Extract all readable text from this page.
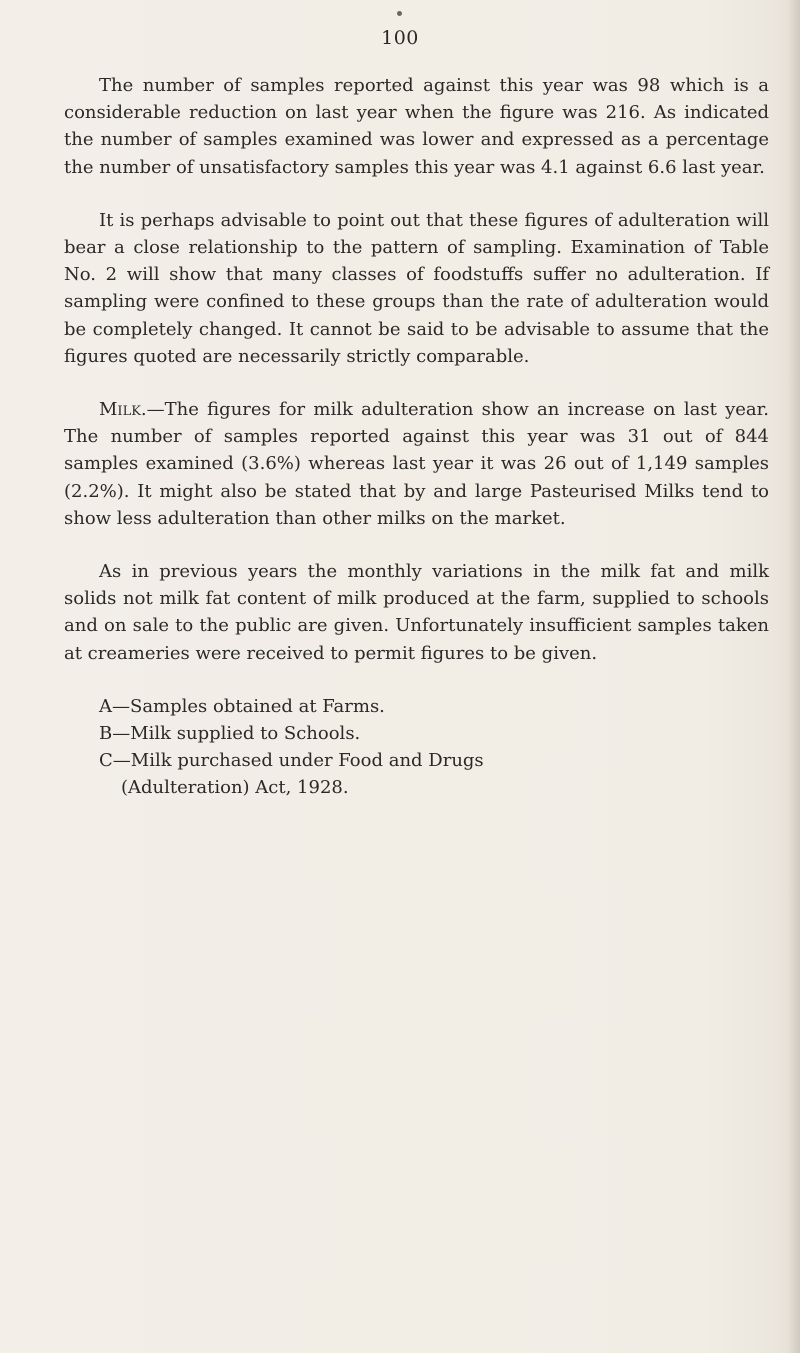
100

The number of samples reported against this year was 98 which is a considerable reduction on last year when the figure was 216. As indicated the number of samples examined was lower and expressed as a percentage the number of unsatisfactory samples this year was 4.1 against 6.6 last year.

It is perhaps advisable to point out that these figures of adulteration will bear a close relationship to the pattern of sampling. Examination of Table No. 2 will show that many classes of foodstuffs suffer no adulteration. If sampling were confined to these groups than the rate of adulteration would be completely changed. It cannot be said to be advisable to assume that the figures quoted are necessarily strictly comparable.

Milk.—The figures for milk adulteration show an increase on last year. The number of samples reported against this year was 31 out of 844 samples examined (3.6%) whereas last year it was 26 out of 1,149 samples (2.2%). It might also be stated that by and large Pasteurised Milks tend to show less adulteration than other milks on the market.

As in previous years the monthly variations in the milk fat and milk solids not milk fat content of milk produced at the farm, supplied to schools and on sale to the public are given. Unfortunately insufficient samples taken at creameries were received to permit figures to be given.

A—Samples obtained at Farms.
B—Milk supplied to Schools.
C—Milk purchased under Food and Drugs
(Adulteration) Act, 1928.
